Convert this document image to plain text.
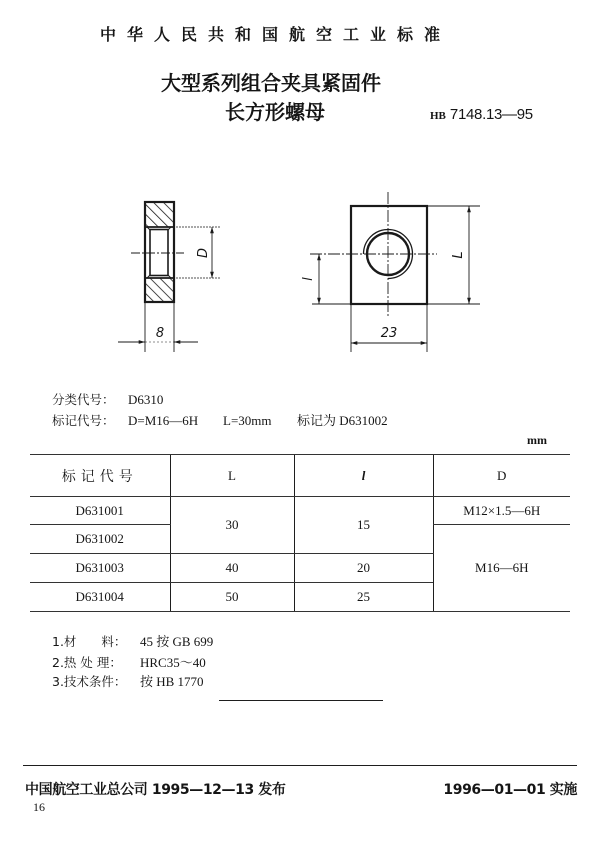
中华人民共和国航空工业标准
大型系列组合夹具紧固件
长方形螺母	HB 7148.13—95
D
8
L
l
23
分类代号： D6310
标记代号： D=M16—6H L=30mm 标记为 D631002
mm
标记代号	L	l	D
D631001	30	15	M12×1.5—6H
D631002			M16—6H
D631003	40	20	
D631004	50	25	
1.材　　料： 45 按 GB 699
2.热 处 理： HRC35～40
3.技术条件： 按 HB 1770
中国航空工业总公司 1995—12—13 发布	1996—01—01 实施
16
